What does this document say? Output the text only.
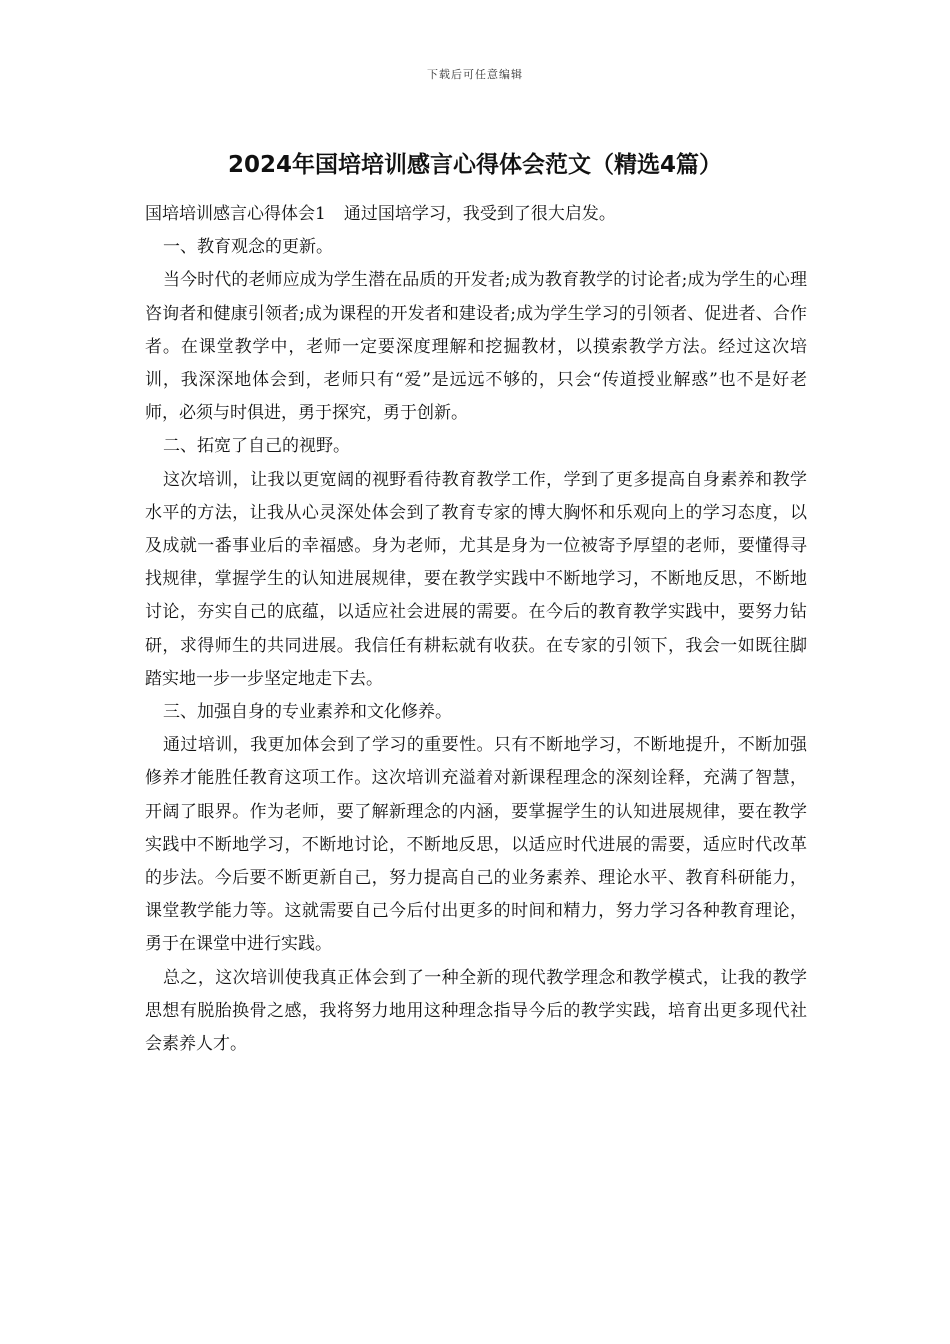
下载后可任意编辑
2024年国培培训感言心得体会范文（精选4篇）

国培培训感言心得体会1 通过国培学习，我受到了很大启发。

一、教育观念的更新。

当今时代的老师应成为学生潜在品质的开发者;成为教育教学的讨论者;成为学生的心理咨询者和健康引领者;成为课程的开发者和建设者;成为学生学习的引领者、促进者、合作者。在课堂教学中，老师一定要深度理解和挖掘教材，以摸索教学方法。经过这次培训，我深深地体会到，老师只有“爱”是远远不够的，只会“传道授业解惑”也不是好老师，必须与时俱进，勇于探究，勇于创新。

二、拓宽了自己的视野。

这次培训，让我以更宽阔的视野看待教育教学工作，学到了更多提高自身素养和教学水平的方法，让我从心灵深处体会到了教育专家的博大胸怀和乐观向上的学习态度，以及成就一番事业后的幸福感。身为老师，尤其是身为一位被寄予厚望的老师，要懂得寻找规律，掌握学生的认知进展规律，要在教学实践中不断地学习，不断地反思，不断地讨论，夯实自己的底蕴，以适应社会进展的需要。在今后的教育教学实践中，要努力钻研，求得师生的共同进展。我信任有耕耘就有收获。在专家的引领下，我会一如既往脚踏实地一步一步坚定地走下去。

三、加强自身的专业素养和文化修养。

通过培训，我更加体会到了学习的重要性。只有不断地学习，不断地提升，不断加强修养才能胜任教育这项工作。这次培训充溢着对新课程理念的深刻诠释，充满了智慧，开阔了眼界。作为老师，要了解新理念的内涵，要掌握学生的认知进展规律，要在教学实践中不断地学习，不断地讨论，不断地反思，以适应时代进展的需要，适应时代改革的步法。今后要不断更新自己，努力提高自己的业务素养、理论水平、教育科研能力，课堂教学能力等。这就需要自己今后付出更多的时间和精力，努力学习各种教育理论，勇于在课堂中进行实践。

总之，这次培训使我真正体会到了一种全新的现代教学理念和教学模式，让我的教学思想有脱胎换骨之感，我将努力地用这种理念指导今后的教学实践，培育出更多现代社会素养人才。
